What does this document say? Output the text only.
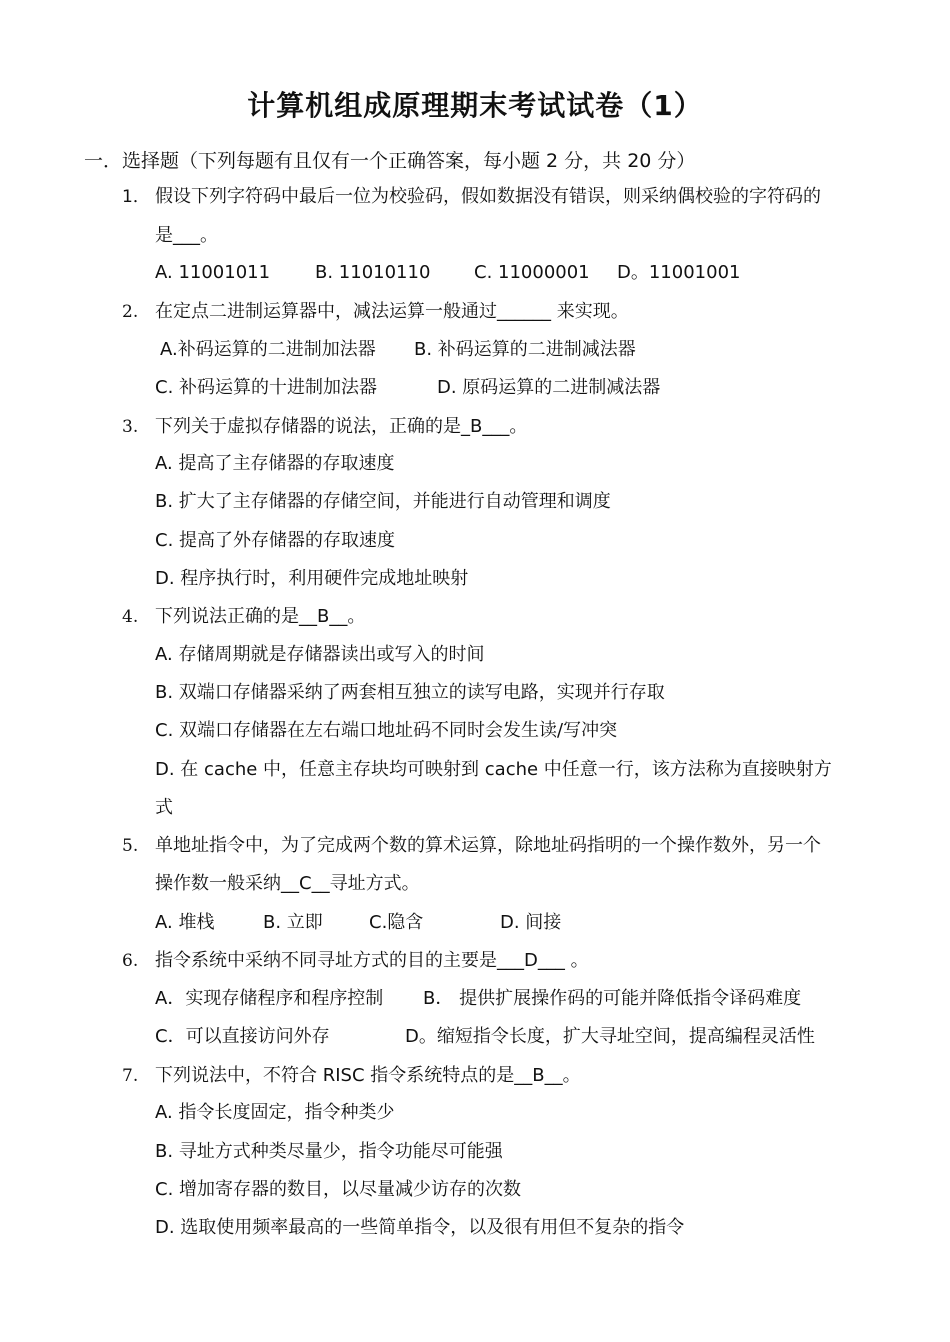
计算机组成原理期末考试试卷（1）
一．选择题（下列每题有且仅有一个正确答案，每小题 2 分，共 20 分）
1． 假设下列字符码中最后一位为校验码，假如数据没有错误，则采纳偶校验的字符码的
是___。
A. 11001011 B. 11010110 C. 11000001 D。11001001
2. 在定点二进制运算器中，减法运算一般通过______ 来实现。
A.补码运算的二进制加法器 B. 补码运算的二进制减法器
C. 补码运算的十进制加法器	D. 原码运算的二进制减法器
3. 下列关于虚拟存储器的说法，正确的是_B___。
A. 提高了主存储器的存取速度
B. 扩大了主存储器的存储空间，并能进行自动管理和调度
C. 提高了外存储器的存取速度
D. 程序执行时，利用硬件完成地址映射
4. 下列说法正确的是__B__。
A. 存储周期就是存储器读出或写入的时间
B. 双端口存储器采纳了两套相互独立的读写电路，实现并行存取
C. 双端口存储器在左右端口地址码不同时会发生读/写冲突
D. 在 cache 中，任意主存块均可映射到 cache 中任意一行，该方法称为直接映射方
式
5. 单地址指令中，为了完成两个数的算术运算，除地址码指明的一个操作数外，另一个
操作数一般采纳__C__寻址方式。
A. 堆栈	B. 立即	C.隐含	D. 间接
6. 指令系统中采纳不同寻址方式的目的主要是___D___ 。
A．实现存储程序和程序控制 B． 提供扩展操作码的可能并降低指令译码难度
C．可以直接访问外存	D。缩短指令长度，扩大寻址空间，提高编程灵活性
7. 下列说法中，不符合 RISC 指令系统特点的是__B__。
A. 指令长度固定，指令种类少
B. 寻址方式种类尽量少，指令功能尽可能强
C. 增加寄存器的数目，以尽量减少访存的次数
D. 选取使用频率最高的一些简单指令，以及很有用但不复杂的指令
